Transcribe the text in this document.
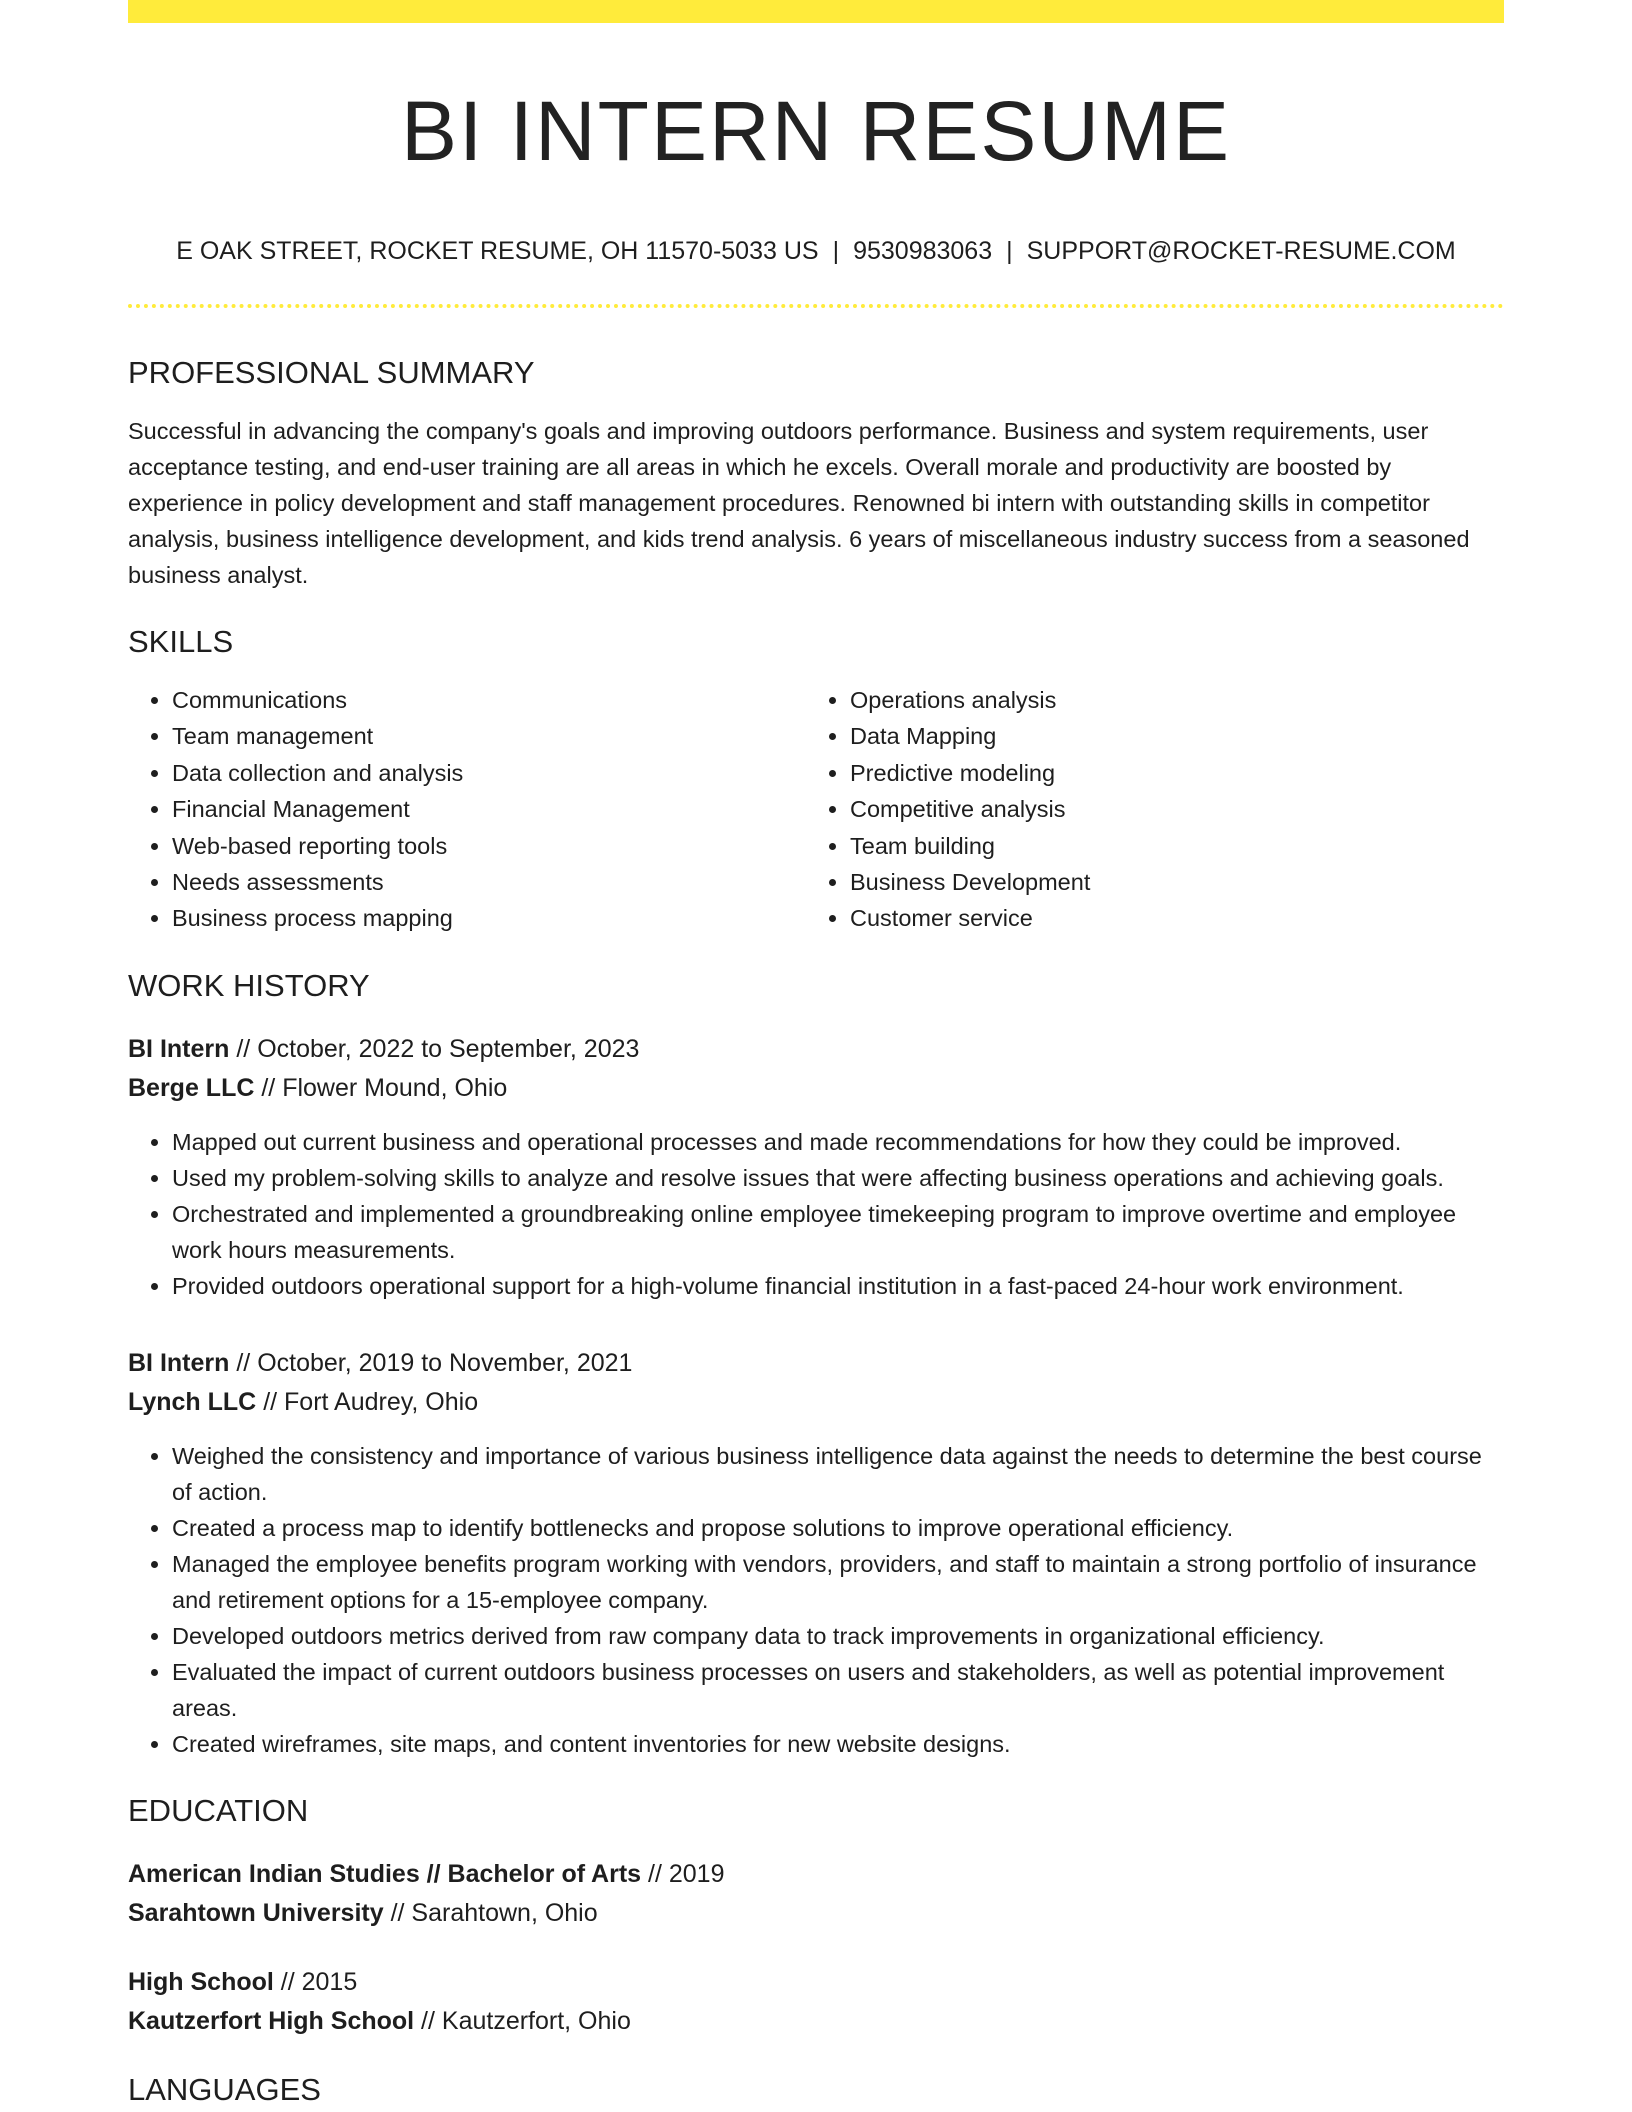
BI INTERN RESUME
E OAK STREET, ROCKET RESUME, OH 11570-5033 US | 9530983063 | SUPPORT@ROCKET-RESUME.COM
PROFESSIONAL SUMMARY
Successful in advancing the company's goals and improving outdoors performance. Business and system requirements, user acceptance testing, and end-user training are all areas in which he excels. Overall morale and productivity are boosted by experience in policy development and staff management procedures. Renowned bi intern with outstanding skills in competitor analysis, business intelligence development, and kids trend analysis. 6 years of miscellaneous industry success from a seasoned business analyst.
SKILLS
• Communications
• Team management
• Data collection and analysis
• Financial Management
• Web-based reporting tools
• Needs assessments
• Business process mapping
• Operations analysis
• Data Mapping
• Predictive modeling
• Competitive analysis
• Team building
• Business Development
• Customer service
WORK HISTORY
BI Intern // October, 2022 to September, 2023
Berge LLC // Flower Mound, Ohio
• Mapped out current business and operational processes and made recommendations for how they could be improved.
• Used my problem-solving skills to analyze and resolve issues that were affecting business operations and achieving goals.
• Orchestrated and implemented a groundbreaking online employee timekeeping program to improve overtime and employee work hours measurements.
• Provided outdoors operational support for a high-volume financial institution in a fast-paced 24-hour work environment.
BI Intern // October, 2019 to November, 2021
Lynch LLC // Fort Audrey, Ohio
• Weighed the consistency and importance of various business intelligence data against the needs to determine the best course of action.
• Created a process map to identify bottlenecks and propose solutions to improve operational efficiency.
• Managed the employee benefits program working with vendors, providers, and staff to maintain a strong portfolio of insurance and retirement options for a 15-employee company.
• Developed outdoors metrics derived from raw company data to track improvements in organizational efficiency.
• Evaluated the impact of current outdoors business processes on users and stakeholders, as well as potential improvement areas.
• Created wireframes, site maps, and content inventories for new website designs.
EDUCATION
American Indian Studies // Bachelor of Arts // 2019
Sarahtown University // Sarahtown, Ohio
High School // 2015
Kautzerfort High School // Kautzerfort, Ohio
LANGUAGES
